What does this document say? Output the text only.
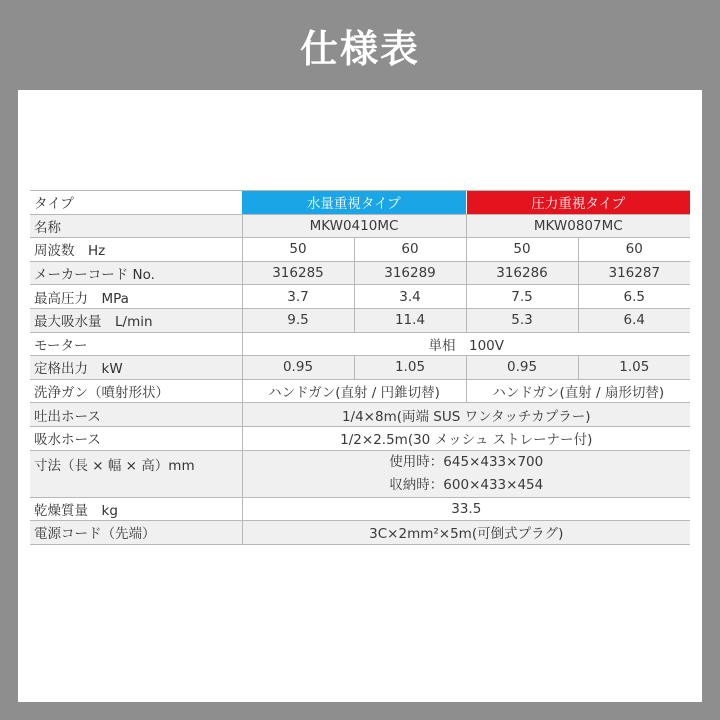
仕様表
タイプ	水量重視タイプ		圧力重視タイプ	
名称	MKW0410MC		MKW0807MC	
周波数　Hz	50	60	50	60
メーカーコード No.	316285	316289	316286	316287
最高圧力　MPa	3.7	3.4	7.5	6.5
最大吸水量　L/min	9.5	11.4	5.3	6.4
モーター	単相　100V			
定格出力　kW	0.95	1.05	0.95	1.05
洗浄ガン（噴射形状）	ハンドガン(直射 / 円錐切替)		ハンドガン(直射 / 扇形切替)	
吐出ホース	1/4×8m(両端 SUS ワンタッチカプラー)			
吸水ホース	1/2×2.5m(30 メッシュ ストレーナー付)			
寸法（長 × 幅 × 高）mm	使用時：645×433×700
収納時：600×433×454			

乾燥質量　kg	33.5			
電源コード（先端）	3C×2mm²×5m(可倒式プラグ)			
